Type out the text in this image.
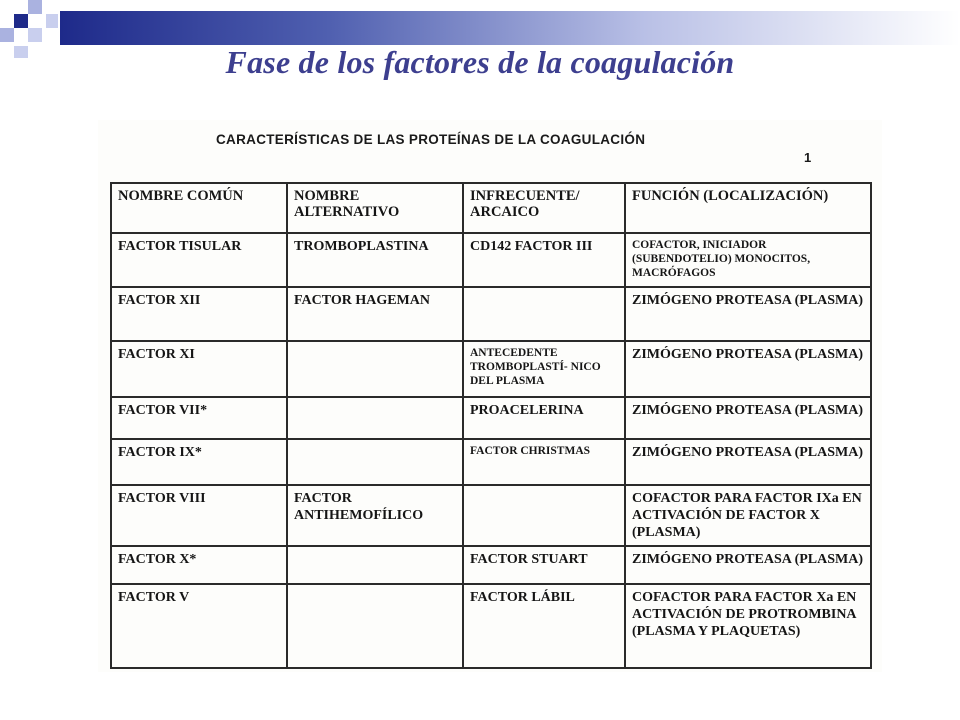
Fase de los factores de la coagulación
CARACTERÍSTICAS DE LAS PROTEÍNAS DE LA COAGULACIÓN
1
NOMBRE COMÚN	NOMBRE ALTERNATIVO	INFRECUENTE/ ARCAICO	FUNCIÓN (LOCALIZACIÓN)
FACTOR TISULAR	TROMBOPLASTINA	CD142 FACTOR III	COFACTOR, INICIADOR (SUBENDOTELIO) MONOCITOS, MACRÓFAGOS
FACTOR XII	FACTOR HAGEMAN		ZIMÓGENO PROTEASA (PLASMA)
FACTOR XI		ANTECEDENTE TROMBOPLASTÍ- NICO DEL PLASMA	ZIMÓGENO PROTEASA (PLASMA)
FACTOR VII*		PROACELERINA	ZIMÓGENO PROTEASA (PLASMA)
FACTOR IX*		FACTOR CHRISTMAS	ZIMÓGENO PROTEASA (PLASMA)
FACTOR VIII	FACTOR ANTIHEMOFÍLICO		COFACTOR PARA FACTOR IXa EN ACTIVACIÓN DE FACTOR X (PLASMA)
FACTOR X*		FACTOR STUART	ZIMÓGENO PROTEASA (PLASMA)
FACTOR V		FACTOR LÁBIL	COFACTOR PARA FACTOR Xa EN ACTIVACIÓN DE PROTROMBINA (PLASMA Y PLAQUETAS)
